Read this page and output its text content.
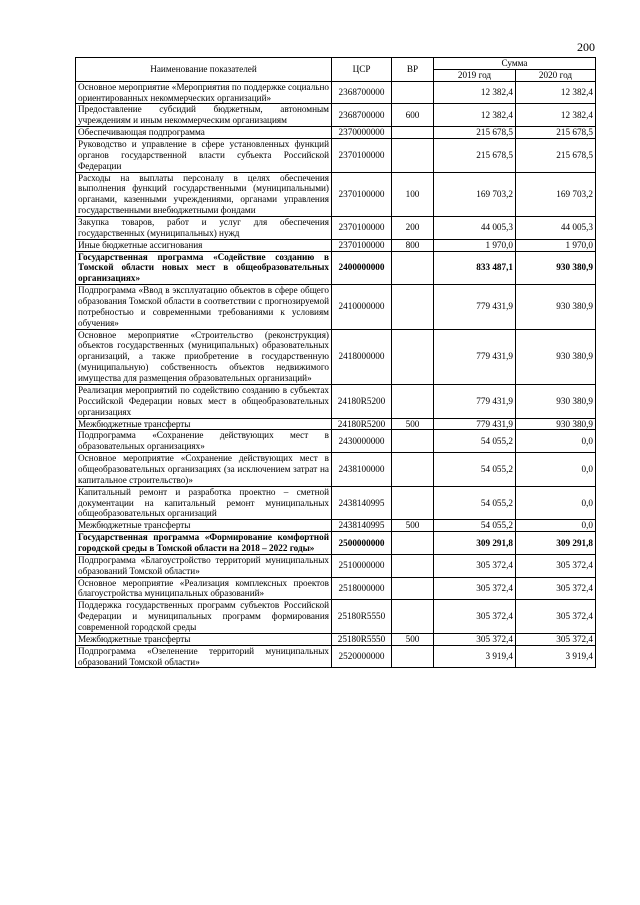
200
Наименование показателей	ЦСР	ВР	Сумма	
			2019 год	2020 год
Основное мероприятие «Мероприятия по поддержке социально ориентированных некоммерческих организаций»	2368700000		12 382,4	12 382,4
Предоставление субсидий бюджетным, автономным учреждениям и иным некоммерческим организациям	2368700000	600	12 382,4	12 382,4
Обеспечивающая подпрограмма	2370000000		215 678,5	215 678,5
Руководство и управление в сфере установленных функций органов государственной власти субъекта Российской Федерации	2370100000		215 678,5	215 678,5
Расходы на выплаты персоналу в целях обеспечения выполнения функций государственными (муниципальными) органами, казенными учреждениями, органами управления государственными внебюджетными фондами	2370100000	100	169 703,2	169 703,2
Закупка товаров, работ и услуг для обеспечения государственных (муниципальных) нужд	2370100000	200	44 005,3	44 005,3
Иные бюджетные ассигнования	2370100000	800	1 970,0	1 970,0
Государственная программа «Содействие созданию в Томской области новых мест в общеобразовательных организациях»	2400000000		833 487,1	930 380,9
Подпрограмма «Ввод в эксплуатацию объектов в сфере общего образования Томской области в соответствии с прогнозируемой потребностью и современными требованиями к условиям обучения»	2410000000		779 431,9	930 380,9
Основное мероприятие «Строительство (реконструкция) объектов государственных (муниципальных) образовательных организаций, а также приобретение в государственную (муниципальную) собственность объектов недвижимого имущества для размещения образовательных организаций»	2418000000		779 431,9	930 380,9
Реализация мероприятий по содействию созданию в субъектах Российской Федерации новых мест в общеобразовательных организациях	24180R5200		779 431,9	930 380,9
Межбюджетные трансферты	24180R5200	500	779 431,9	930 380,9
Подпрограмма «Сохранение действующих мест в образовательных организациях»	2430000000		54 055,2	0,0
Основное мероприятие «Сохранение действующих мест в общеобразовательных организациях (за исключением затрат на капитальное строительство)»	2438100000		54 055,2	0,0
Капитальный ремонт и разработка проектно – сметной документации на капитальный ремонт муниципальных общеобразовательных организаций	2438140995		54 055,2	0,0
Межбюджетные трансферты	2438140995	500	54 055,2	0,0
Государственная программа «Формирование комфортной городской среды в Томской области на 2018 – 2022 годы»	2500000000		309 291,8	309 291,8
Подпрограмма «Благоустройство территорий муниципальных образований Томской области»	2510000000		305 372,4	305 372,4
Основное мероприятие «Реализация комплексных проектов благоустройства муниципальных образований»	2518000000		305 372,4	305 372,4
Поддержка государственных программ субъектов Российской Федерации и муниципальных программ формирования современной городской среды	25180R5550		305 372,4	305 372,4
Межбюджетные трансферты	25180R5550	500	305 372,4	305 372,4
Подпрограмма «Озеленение территорий муниципальных образований Томской области»	2520000000		3 919,4	3 919,4
